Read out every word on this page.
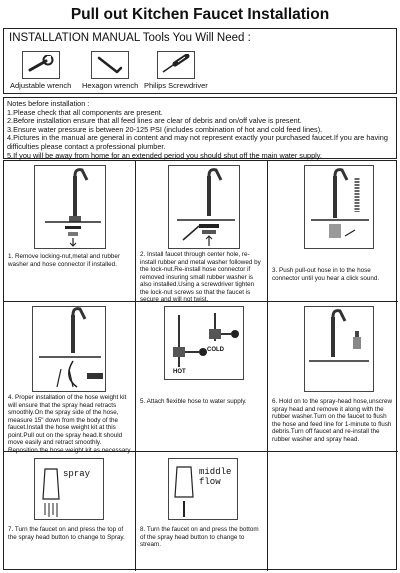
Pull out Kitchen Faucet Installation
INSTALLATION MANUAL Tools You Will Need :
Adjustable wrench Hexagon wrench Philips Screwdriver

Notes before installation :

1.Please check that all components are present.

2.Before installation ensure that all feed lines are clear of debris and on/off valve is present.

3.Ensure water pressure is between 20-125 PSI (includes combination of hot and cold feed lines).

4.Pictures in the manual are general in content and may not represent exactly your purchased faucet.If you are having difficulties please contact a professional plumber.

5.If you will be away from home for an extended period you should shut off the main water supply.

1. Remove locking-nut,metal and rubber washer and hose connector if installed.
2. Install faucet through center hole, re-install rubber and metal washer followed by the lock-nut.Re-install hose connector if removed insuring small rubber washer is also installed.Using a screwdriver tighten the lock-nut screws so that the faucet is secure and will not twist.
3. Push pull-out hose in to the hose connector until you hear a click sound.
4. Proper installation of the hose weight kit will ensure that the spray head retracts smoothly.On the spray side of the hose, measure 15" down from the body of the faucet.Install the hose weight kit at this point.Pull out on the spray head.It should move easily and retract smoothly. Reposition the hose weight kit as necessary.
COLD
HOT
5. Attach flexible hose to water supply.	6. Hold on to the spray-head hose,unscrew spray head and remove it along with the rubber washer.Turn on the faucet to flush the hose and feed line for 1-minute to flush debris.Turn off faucet and re-install the rubber washer and spray head.
spray
7. Turn the faucet on and press the top of the spray head button to change to Spray.
middle flow
8. Turn the faucet on and press the bottom of the spray head button to change to stream.
